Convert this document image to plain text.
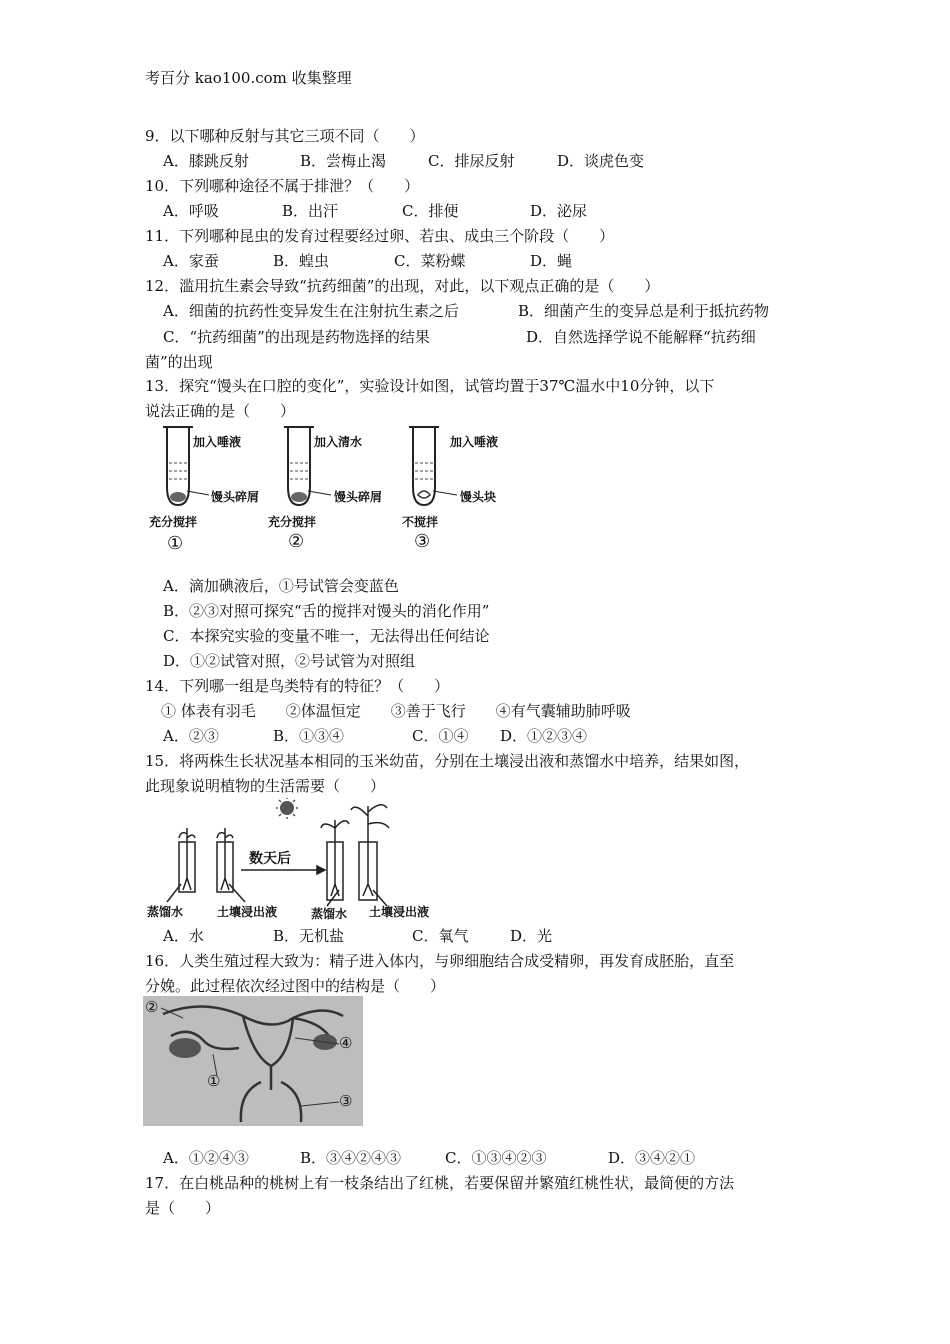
考百分 kao100.com 收集整理
9．以下哪种反射与其它三项不同（　　）
A．膝跳反射	B．尝梅止渴	C．排尿反射	D．谈虎色变
10．下列哪种途径不属于排泄？（　　）
A．呼吸	B．出汗	C．排便	D．泌尿
11．下列哪种昆虫的发育过程要经过卵、若虫、成虫三个阶段（　　）
A．家蚕	B．蝗虫	C．菜粉蝶	D．蝇
12．滥用抗生素会导致“抗药细菌”的出现，对此，以下观点正确的是（　　）
A．细菌的抗药性变异发生在注射抗生素之后	B．细菌产生的变异总是利于抵抗药物
C．“抗药细菌”的出现是药物选择的结果	D．自然选择学说不能解释“抗药细
菌”的出现
13．探究“馒头在口腔的变化”，实验设计如图，试管均置于37℃温水中10分钟，以下
说法正确的是（　　）
加入唾液
馒头碎屑
充分搅拌
①
加入清水
馒头碎屑
充分搅拌
②
加入唾液
馒头块
不搅拌
③
A．滴加碘液后，①号试管会变蓝色
B．②③对照可探究“舌的搅拌对馒头的消化作用”
C．本探究实验的变量不唯一，无法得出任何结论
D．①②试管对照，②号试管为对照组
14．下列哪一组是鸟类特有的特征？（　　）
① 体表有羽毛　　②体温恒定　　③善于飞行　　④有气囊辅助肺呼吸
A．②③	B．①③④	C．①④ D．①②③④
15．将两株生长状况基本相同的玉米幼苗，分别在土壤浸出液和蒸馏水中培养，结果如图，
此现象说明植物的生活需要（　　）
数天后
蒸馏水	土壤浸出液	蒸馏水 土壤浸出液
A．水	B．无机盐	C．氧气	D．光
16．人类生殖过程大致为：精子进入体内，与卵细胞结合成受精卵，再发育成胚胎，直至
分娩。此过程依次经过图中的结构是（　　）
②
①
④
③
A．①②④③	B．③④②④③	C．①③④②③	D．③④②①
17．在白桃品种的桃树上有一枝条结出了红桃，若要保留并繁殖红桃性状，最简便的方法
是（　　）
